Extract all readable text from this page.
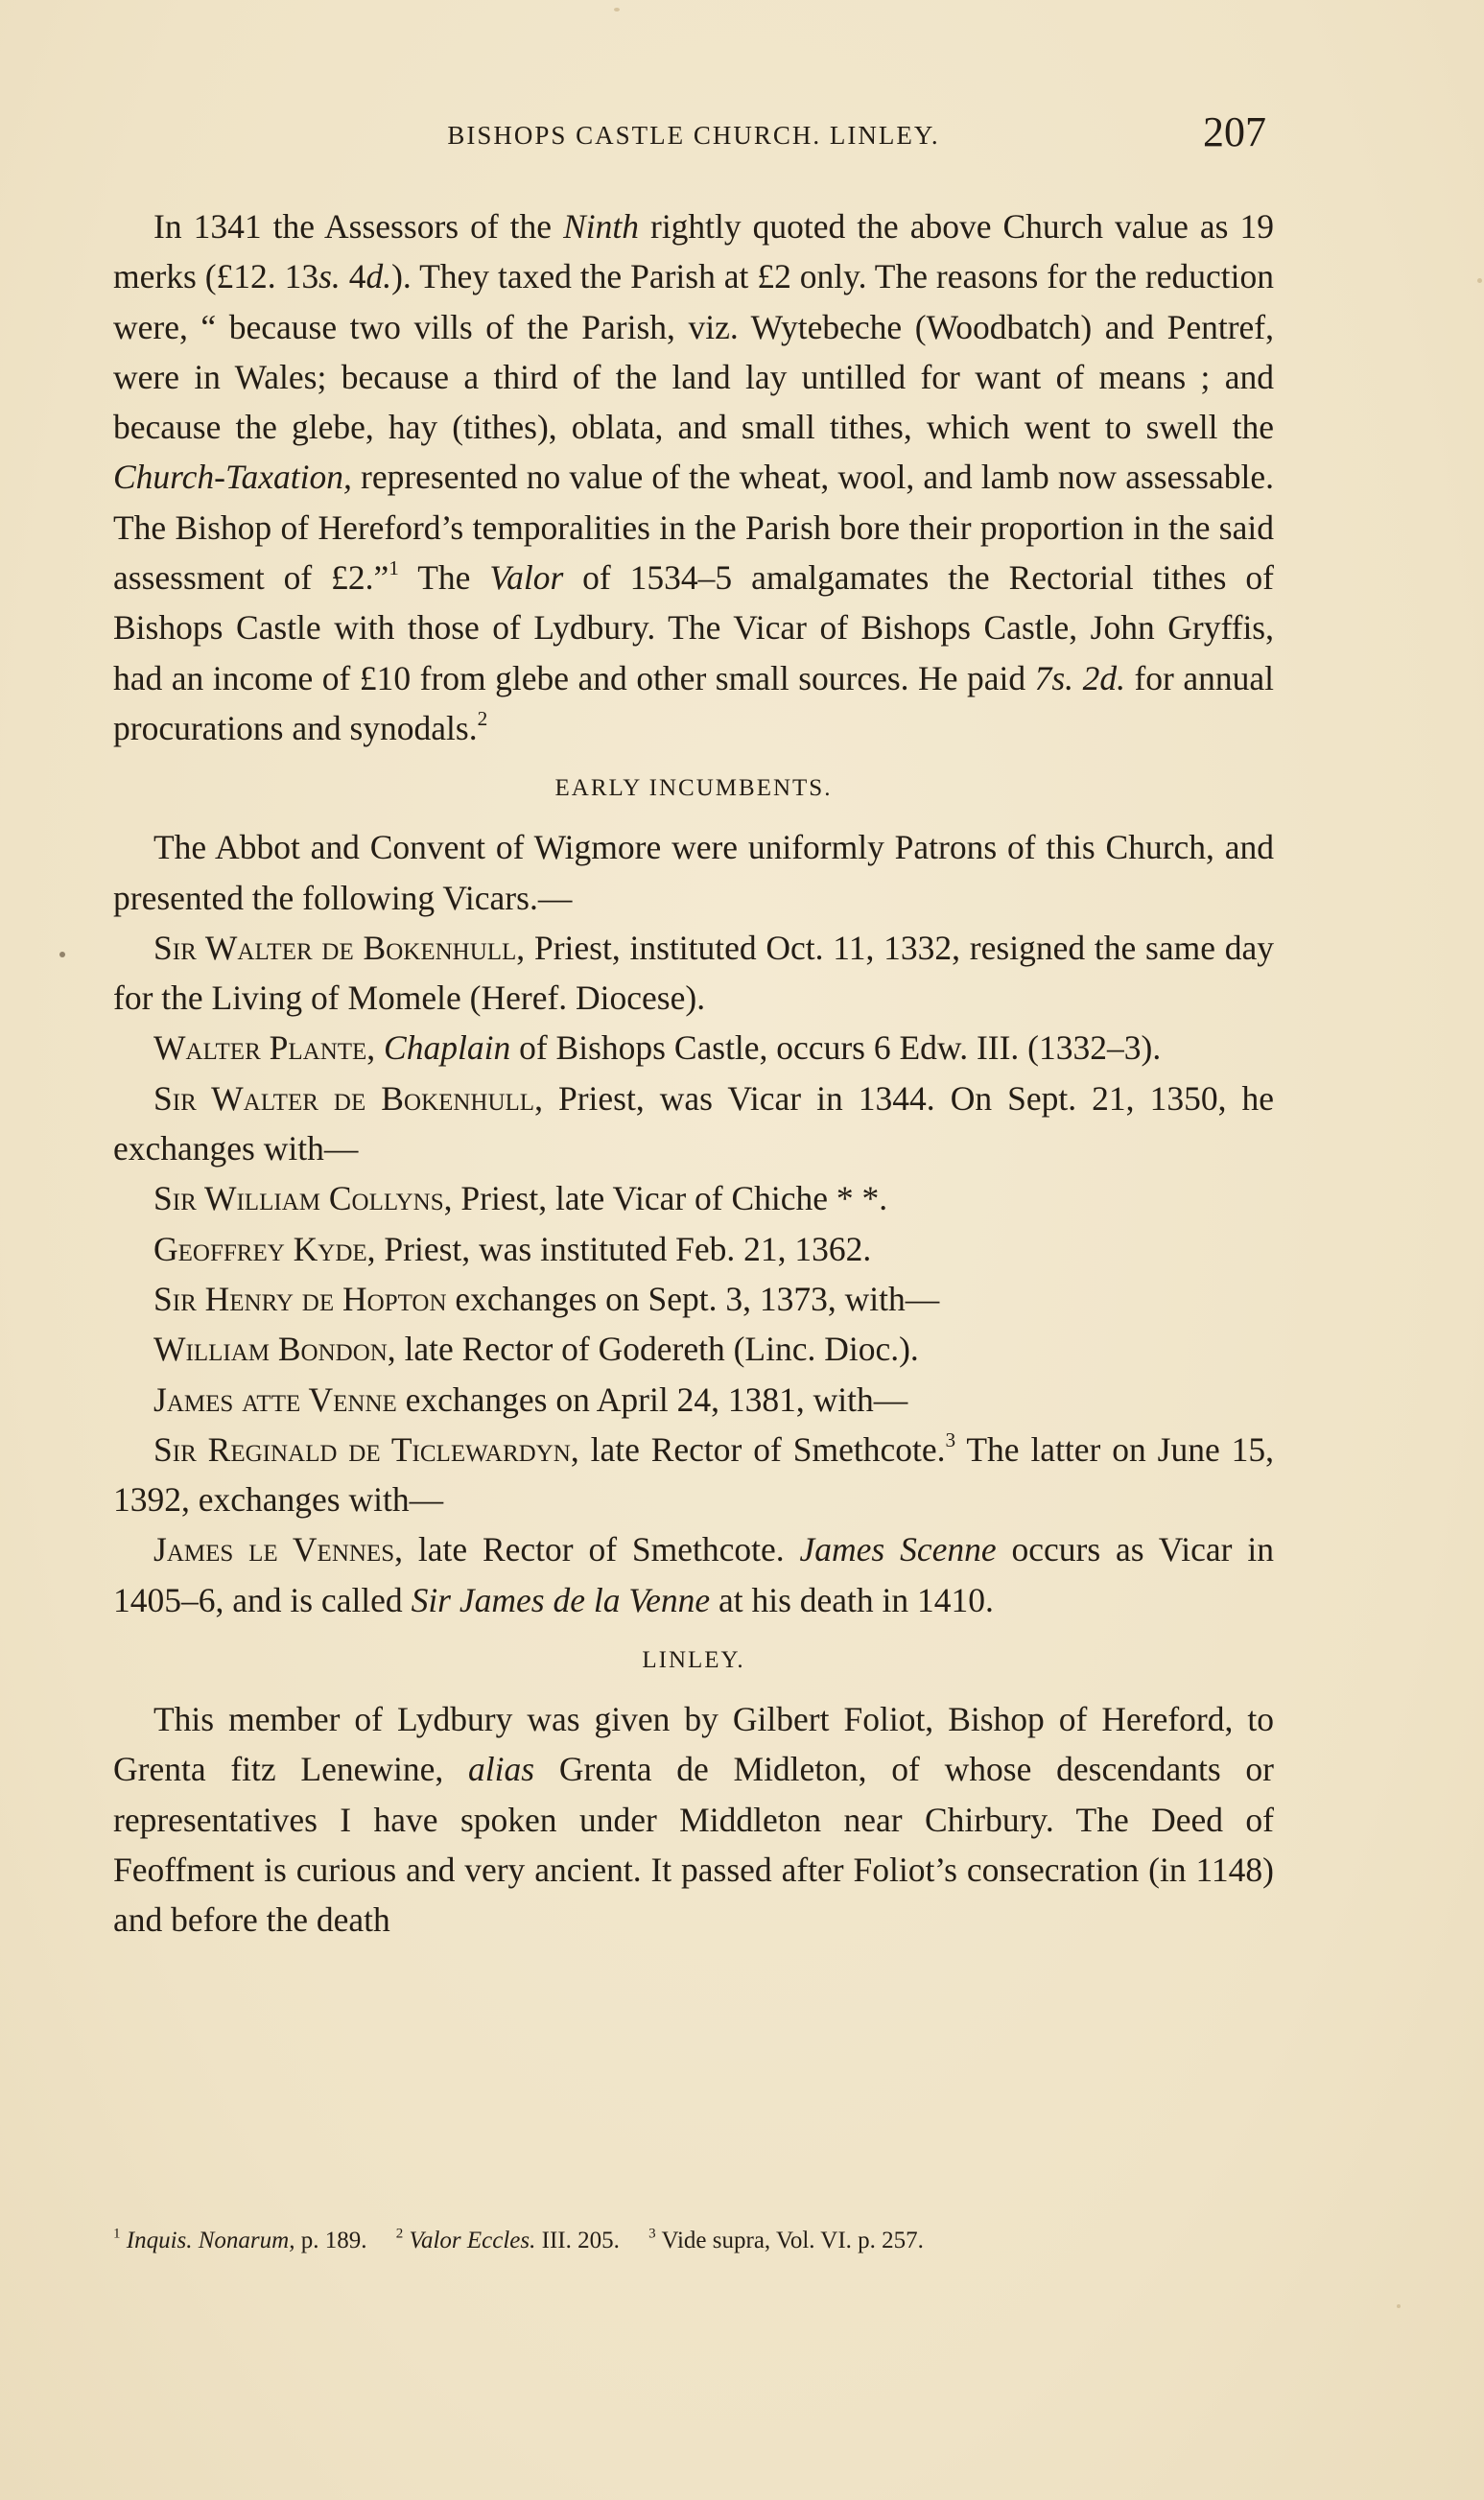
BISHOPS CASTLE CHURCH. LINLEY.	207

In 1341 the Assessors of the Ninth rightly quoted the above Church value as 19 merks (£12. 13s. 4d.). They taxed the Parish at £2 only. The reasons for the reduction were, “ because two vills of the Parish, viz. Wytebeche (Woodbatch) and Pentref, were in Wales; because a third of the land lay untilled for want of means ; and because the glebe, hay (tithes), oblata, and small tithes, which went to swell the Church-Taxation, represented no value of the wheat, wool, and lamb now assessable. The Bishop of Hereford’s temporalities in the Parish bore their proportion in the said assessment of £2.”$^1$ The Valor of 1534–5 amalgamates the Rectorial tithes of Bishops Castle with those of Lydbury. The Vicar of Bishops Castle, John Gryffis, had an income of £10 from glebe and other small sources. He paid 7s. 2d. for annual procurations and synodals.$^2$

EARLY INCUMBENTS.

The Abbot and Convent of Wigmore were uniformly Patrons of this Church, and presented the following Vicars.—

Sir Walter de Bokenhull, Priest, instituted Oct. 11, 1332, resigned the same day for the Living of Momele (Heref. Diocese).

Walter Plante, Chaplain of Bishops Castle, occurs 6 Edw. III. (1332–3).

Sir Walter de Bokenhull, Priest, was Vicar in 1344. On Sept. 21, 1350, he exchanges with—

Sir William Collyns, Priest, late Vicar of Chiche * *.

Geoffrey Kyde, Priest, was instituted Feb. 21, 1362.

Sir Henry de Hopton exchanges on Sept. 3, 1373, with—

William Bondon, late Rector of Godereth (Linc. Dioc.).

James atte Venne exchanges on April 24, 1381, with—

Sir Reginald de Ticlewardyn, late Rector of Smethcote.$^3$ The latter on June 15, 1392, exchanges with—

James le Vennes, late Rector of Smethcote. James Scenne occurs as Vicar in 1405–6, and is called Sir James de la Venne at his death in 1410.

LINLEY.

This member of Lydbury was given by Gilbert Foliot, Bishop of Hereford, to Grenta fitz Lenewine, alias Grenta de Midleton, of whose descendants or representatives I have spoken under Middleton near Chirbury. The Deed of Feoffment is curious and very ancient. It passed after Foliot’s consecration (in 1148) and before the death

$^1$ Inquis. Nonarum, p. 189. $^2$ Valor Eccles. III. 205. $^3$ Vide supra, Vol. VI. p. 257.
